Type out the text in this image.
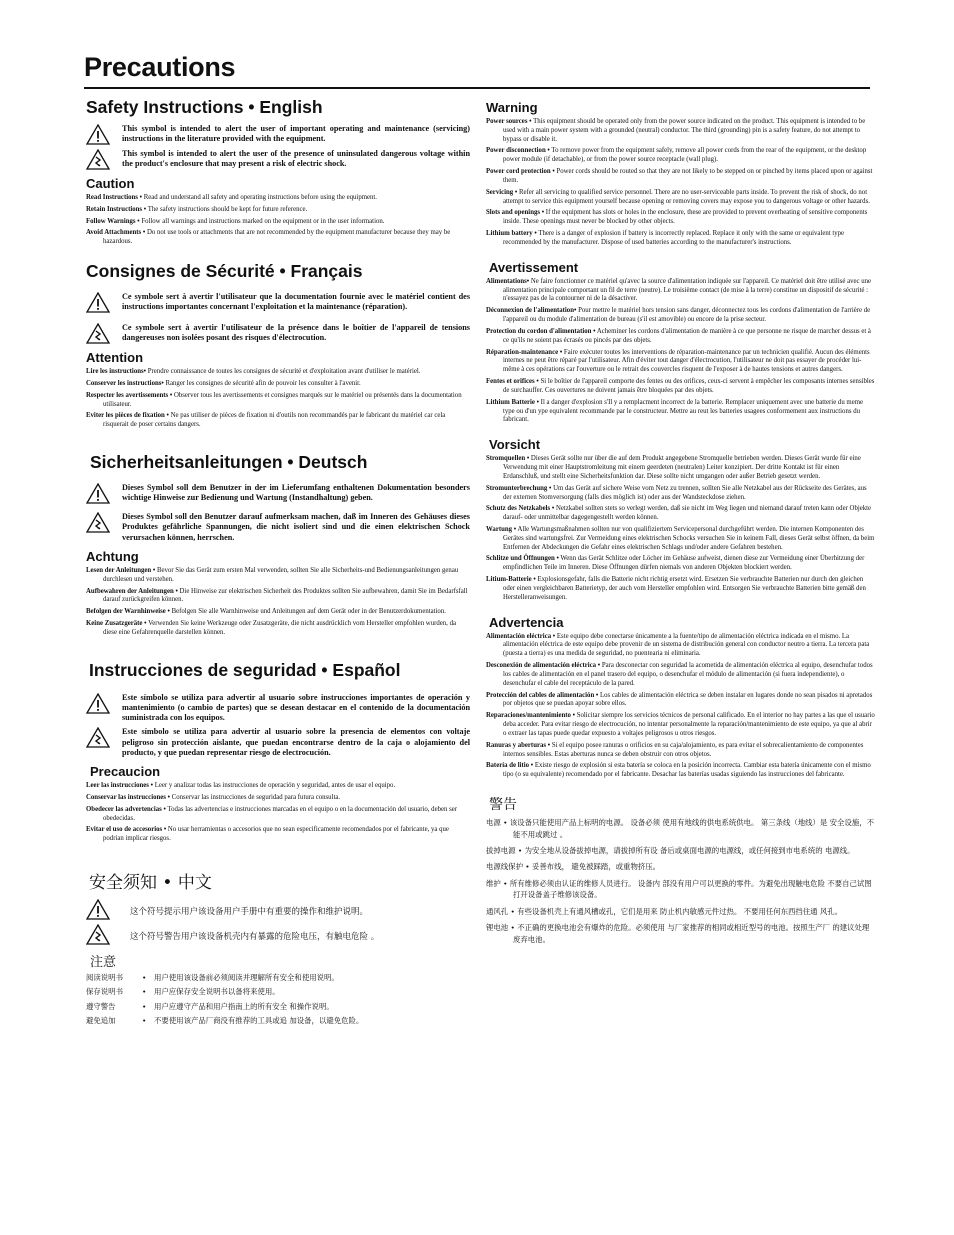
Precautions
Safety Instructions • English
This symbol is intended to alert the user of important operating and maintenance (servicing) instructions in the literature provided with the equipment.
This symbol is intended to alert the user of the presence of uninsulated dangerous voltage within the product's enclosure that may present a risk of electric shock.
Caution

Read Instructions • Read and understand all safety and operating instructions before using the equipment.

Retain Instructions • The safety instructions should be kept for future reference.

Follow Warnings • Follow all warnings and instructions marked on the equipment or in the user information.

Avoid Attachments • Do not use tools or attachments that are not recommended by the equipment manufacturer because they may be hazardous.

Consignes de Sécurité • Français
Ce symbole sert à avertir l'utilisateur que la documentation fournie avec le matériel contient des instructions importantes concernant l'exploitation et la maintenance (réparation).
Ce symbole sert à avertir l'utilisateur de la présence dans le boîtier de l'appareil de tensions dangereuses non isolées posant des risques d'électrocution.
Attention

Lire les instructions• Prendre connaissance de toutes les consignes de sécurité et d'exploitation avant d'utiliser le matériel.

Conserver les instructions• Ranger les consignes de sécurité afin de pouvoir les consulter à l'avenir.

Respecter les avertissements • Observer tous les avertissements et consignes marqués sur le matériel ou présentés dans la documentation utilisateur.

Eviter les pièces de fixation • Ne pas utiliser de pièces de fixation ni d'outils non recommandés par le fabricant du matériel car cela risquerait de poser certains dangers.

Sicherheitsanleitungen • Deutsch
Dieses Symbol soll dem Benutzer in der im Lieferumfang enthaltenen Dokumentation besonders wichtige Hinweise zur Bedienung und Wartung (Instandhaltung) geben.
Dieses Symbol soll den Benutzer darauf aufmerksam machen, daß im Inneren des Gehäuses dieses Produktes gefährliche Spannungen, die nicht isoliert sind und die einen elektrischen Schock verursachen können, herrschen.
Achtung

Lesen der Anleitungen • Bevor Sie das Gerät zum ersten Mal verwenden, sollten Sie alle Sicherheits-und Bedienungsanleitungen genau durchlesen und verstehen.

Aufbewahren der Anleitungen • Die Hinweise zur elektrischen Sicherheit des Produktes sollten Sie aufbewahren, damit Sie im Bedarfsfall darauf zurückgreifen können.

Befolgen der Warnhinweise • Befolgen Sie alle Warnhinweise und Anleitungen auf dem Gerät oder in der Benutzerdokumentation.

Keine Zusatzgeräte • Verwenden Sie keine Werkzeuge oder Zusatzgeräte, die nicht ausdrücklich vom Hersteller empfohlen wurden, da diese eine Gefahrenquelle darstellen können.

Instrucciones de seguridad • Español
Este símbolo se utiliza para advertir al usuario sobre instrucciones importantes de operación y mantenimiento (o cambio de partes) que se desean destacar en el contenido de la documentación suministrada con los equipos.
Este símbolo se utiliza para advertir al usuario sobre la presencia de elementos con voltaje peligroso sin protección aislante, que puedan encontrarse dentro de la caja o alojamiento del producto, y que puedan representar riesgo de electrocución.
Precaucion

Leer las instrucciones • Leer y analizar todas las instrucciones de operación y seguridad, antes de usar el equipo.

Conservar las instrucciones • Conservar las instrucciones de seguridad para futura consulta.

Obedecer las advertencias • Todas las advertencias e instrucciones marcadas en el equipo o en la documentación del usuario, deben ser obedecidas.

Evitar el uso de accesorios • No usar herramientas o accesorios que no sean especificamente recomendados por el fabricante, ya que podrian implicar riesgos.

安全须知 • 中文
这个符号提示用户该设备用户手册中有重要的操作和维护说明。
这个符号警告用户该设备机壳内有暴露的危险电压，有触电危险 。
注意
阅读说明书	•	用户使用该设备前必须阅读并理解所有安全和使用说明。
保存说明书	•	用户应保存安全说明书以备将来使用。
遵守警告	•	用户应遵守产品和用户指南上的所有安全 和操作说明。
避免追加	•	不要使用该产品厂商没有推荐的工具或追 加设备，以避免危险。
Warning

Power sources • This equipment should be operated only from the power source indicated on the product. This equipment is intended to be used with a main power system with a grounded (neutral) conductor. The third (grounding) pin is a safety feature, do not attempt to bypass or disable it.

Power disconnection • To remove power from the equipment safely, remove all power cords from the rear of the equipment, or the desktop power module (if detachable), or from the power source receptacle (wall plug).

Power cord protection • Power cords should be routed so that they are not likely to be stepped on or pinched by items placed upon or against them.

Servicing • Refer all servicing to qualified service personnel. There are no user-serviceable parts inside. To prevent the risk of shock, do not attempt to service this equipment yourself because opening or removing covers may expose you to dangerous voltage or other hazards.

Slots and openings • If the equipment has slots or holes in the enclosure, these are provided to prevent overheating of sensitive components inside. These openings must never be blocked by other objects.

Lithium battery • There is a danger of explosion if battery is incorrectly replaced. Replace it only with the same or equivalent type recommended by the manufacturer. Dispose of used batteries according to the manufacturer's instructions.

Avertissement

Alimentations• Ne faire fonctionner ce matériel qu'avec la source d'alimentation indiquée sur l'appareil. Ce matériel doit être utilisé avec une alimentation principale comportant un fil de terre (neutre). Le troisième contact (de mise à la terre) constitue un dispositif de sécurité : n'essayez pas de la contourner ni de la désactiver.

Déconnexion de l'alimentation• Pour mettre le matériel hors tension sans danger, déconnectez tous les cordons d'alimentation de l'arrière de l'appareil ou du module d'alimentation de bureau (s'il est amovible) ou encore de la prise secteur.

Protection du cordon d'alimentation • Acheminer les cordons d'alimentation de manière à ce que personne ne risque de marcher dessus et à ce qu'ils ne soient pas écrasés ou pincés par des objets.

Réparation-maintenance • Faire exécuter toutes les interventions de réparation-maintenance par un technicien qualifié. Aucun des éléments internes ne peut être réparé par l'utilisateur. Afin d'éviter tout danger d'électrocution, l'utilisateur ne doit pas essayer de procéder lui-même à ces opérations car l'ouverture ou le retrait des couvercles risquent de l'exposer à de hautes tensions et autres dangers.

Fentes et orifices • Si le boîtier de l'appareil comporte des fentes ou des orifices, ceux-ci servent à empêcher les composants internes sensibles de surchauffer. Ces ouvertures ne doivent jamais être bloquées par des objets.

Lithium Batterie • Il a danger d'explosion s'Il y a remplacment incorrect de la batterie. Remplacer uniquement avec une batterie du meme type ou d'un ype equivalent recommande par le constructeur. Mettre au reut les batteries usagees conformement aux instructions du fabricant.

Vorsicht

Stromquellen • Dieses Gerät sollte nur über die auf dem Produkt angegebene Stromquelle betrieben werden. Dieses Gerät wurde für eine Verwendung mit einer Hauptstromleitung mit einem geerdeten (neutralen) Leiter konzipiert. Der dritte Kontakt ist für einen Erdanschluß, und stellt eine Sicherheitsfunktion dar. Diese sollte nicht umgangen oder außer Betrieb gesetzt werden.

Stromunterbrechung • Um das Gerät auf sichere Weise vom Netz zu trennen, sollten Sie alle Netzkabel aus der Rückseite des Gerätes, aus der externen Stomversorgung (falls dies möglich ist) oder aus der Wandsteckdose ziehen.

Schutz des Netzkabels • Netzkabel sollten stets so verlegt werden, daß sie nicht im Weg liegen und niemand darauf treten kann oder Objekte darauf- oder unmittelbar dagegengestellt werden können.

Wartung • Alle Wartungsmaßnahmen sollten nur von qualifiziertem Servicepersonal durchgeführt werden. Die internen Komponenten des Gerätes sind wartungsfrei. Zur Vermeidung eines elektrischen Schocks versuchen Sie in keinem Fall, dieses Gerät selbst öffnen, da beim Entfernen der Abdeckungen die Gefahr eines elektrischen Schlags und/oder andere Gefahren bestehen.

Schlitze und Öffnungen • Wenn das Gerät Schlitze oder Löcher im Gehäuse aufweist, dienen diese zur Vermeidung einer Überhitzung der empfindlichen Teile im Inneren. Diese Öffnungen dürfen niemals von anderen Objekten blockiert werden.

Litium-Batterie • Explosionsgefahr, falls die Batterie nicht richtig ersetzt wird. Ersetzen Sie verbrauchte Batterien nur durch den gleichen oder einen vergleichbaren Batterietyp, der auch vom Hersteller empfohlen wird. Entsorgen Sie verbrauchte Batterien bitte gemäß den Herstelleranweisungen.

Advertencia

Alimentación eléctrica • Este equipo debe conectarse únicamente a la fuente/tipo de alimentación eléctrica indicada en el mismo. La alimentación eléctrica de este equipo debe provenir de un sistema de distribución general con conductor neutro a tierra. La tercera pata (puesta a tierra) es una medida de seguridad, no puentearia ni eliminaria.

Desconexión de alimentación eléctrica • Para desconectar con seguridad la acometida de alimentación eléctrica al equipo, desenchufar todos los cables de alimentación en el panel trasero del equipo, o desenchufar el módulo de alimentación (si fuera independiente), o desenchufar el cable del receptáculo de la pared.

Protección del cables de alimentación • Los cables de alimentación eléctrica se deben instalar en lugares donde no sean pisados ni apretados por objetos que se puedan apoyar sobre ellos.

Reparaciones/mantenimiento • Solicitar siempre los servicios técnicos de personal calificado. En el interior no hay partes a las que el usuario deba acceder. Para evitar riesgo de electrocución, no intentar personalmente la reparación/mantenimiento de este equipo, ya que al abrir o extraer las tapas puede quedar expuesto a voltajes peligrosos u otros riesgos.

Ranuras y aberturas • Si el equipo posee ranuras o orificios en su caja/alojamiento, es para evitar el sobrecalientamiento de componentes internos sensibles. Estas aberturas nunca se deben obstruir con otros objetos.

Batería de litio • Existe riesgo de explosión si esta batería se coloca en la posición incorrecta. Cambiar esta batería únicamente con el mismo tipo (o su equivalente) recomendado por el fabricante. Desachar las baterías usadas siguiendo las instrucciones del fabricante.

警告

电源 • 该设备只能使用产品上标明的电源。 设备必须 使用有地线的供电系统供电。 第三条线（地线）是 安全设施，不能不用或跳过 。

拔掉电源 • 为安全地从设备拔掉电源，请拔掉所有设 备后或桌面电源的电源线，或任何接到市电系统的 电源线。

电源线保护 • 妥善布线， 避免被踩踏，或重物挤压。

维护 • 所有维修必须由认证的维修人员进行。 设备内 部没有用户可以更换的零件。为避免出现触电危险 不要自己试图打开设备盖子维修该设备。

通风孔 • 有些设备机壳上有通风槽或孔，它们是用来 防止机内敏感元件过热。 不要用任何东西挡住通 风孔。

锂电池 • 不正确的更换电池会有爆炸的危险。必须使用 与厂家推荐的相同或相近型号的电池。按照生产厂 的建议处理废弃电池。
